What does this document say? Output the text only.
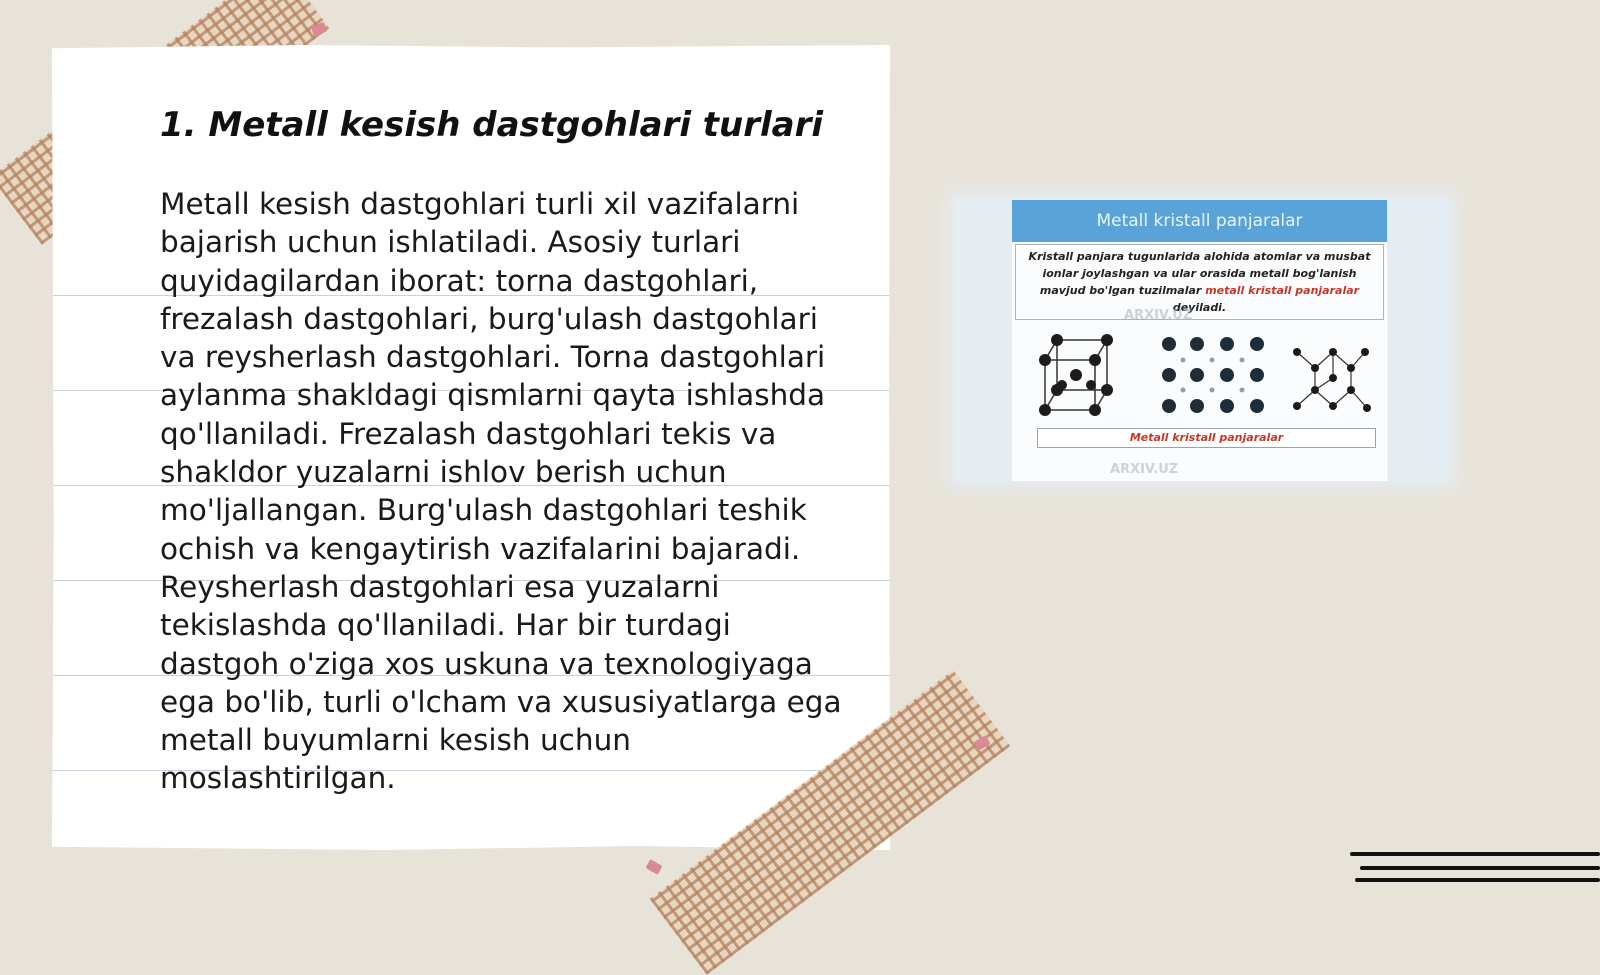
1. Metall kesish dastgohlari turlari

Metall kesish dastgohlari turli xil vazifalarni bajarish uchun ishlatiladi. Asosiy turlari quyidagilardan iborat: torna dastgohlari, frezalash dastgohlari, burg'ulash dastgohlari va reysherlash dastgohlari. Torna dastgohlari aylanma shakldagi qismlarni qayta ishlashda qo'llaniladi. Frezalash dastgohlari tekis va shakldor yuzalarni ishlov berish uchun mo'ljallangan. Burg'ulash dastgohlari teshik ochish va kengaytirish vazifalarini bajaradi. Reysherlash dastgohlari esa yuzalarni tekislashda qo'llaniladi. Har bir turdagi dastgoh o'ziga xos uskuna va texnologiyaga ega bo'lib, turli o'lcham va xususiyatlarga ega metall buyumlarni kesish uchun moslashtirilgan.

Metall kristall panjaralar
Kristall panjara tugunlarida alohida atomlar va musbat ionlar joylashgan va ular orasida metall bog'lanish mavjud bo'lgan tuzilmalar metall kristall panjaralar deyiladi.
ARXIV.UZ
Metall kristall panjaralar
ARXIV.UZ
